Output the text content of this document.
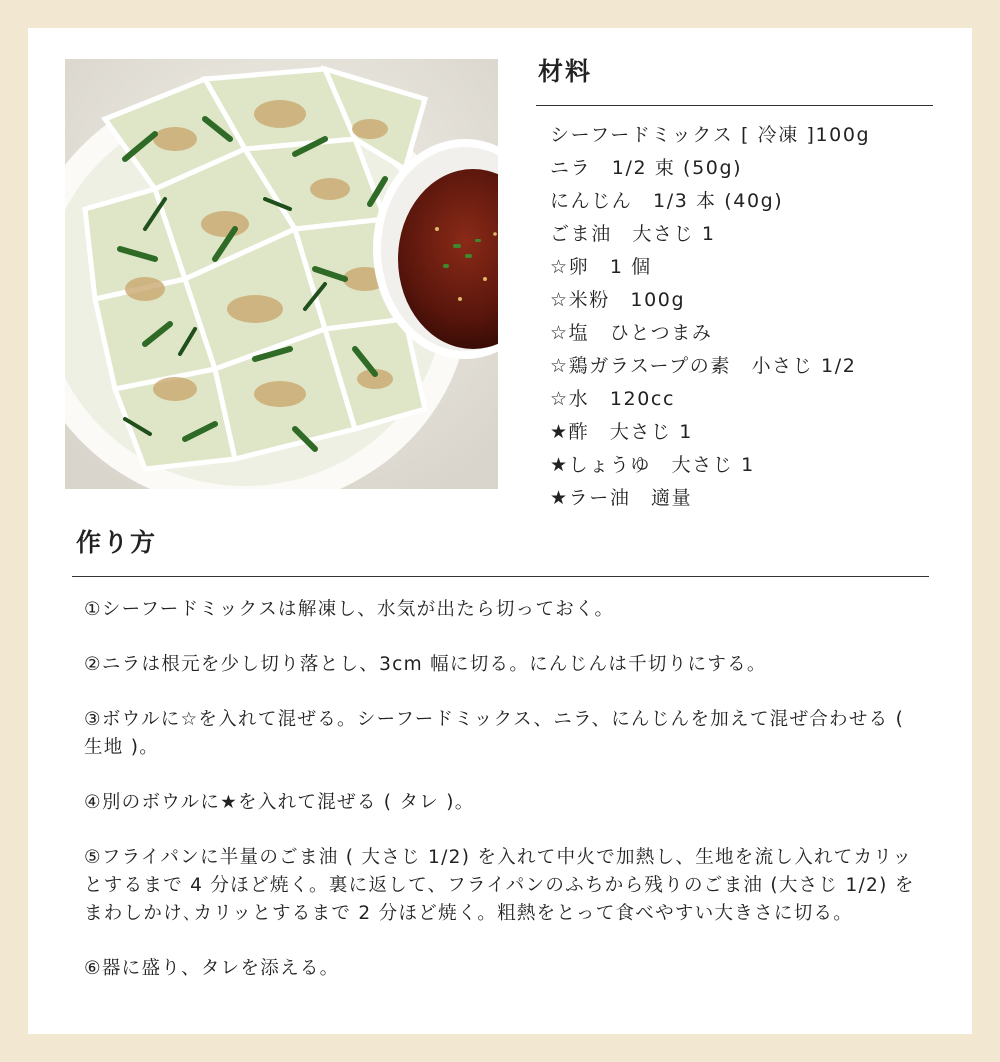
材料
シーフードミックス [ 冷凍 ]100g
ニラ　1/2 束 (50g)
にんじん　1/3 本 (40g)
ごま油　大さじ 1
☆卵　1 個
☆米粉　100g
☆塩　ひとつまみ
☆鶏ガラスープの素　小さじ 1/2
☆水　120cc
★酢　大さじ 1
★しょうゆ　大さじ 1
★ラー油　適量
作り方

①シーフードミックスは解凍し、水気が出たら切っておく。

②ニラは根元を少し切り落とし、3cm 幅に切る。にんじんは千切りにする。

③ボウルに☆を入れて混ぜる。シーフードミックス、ニラ、にんじんを加えて混ぜ合わせる ( 生地 )。

④別のボウルに★を入れて混ぜる ( タレ )。

⑤フライパンに半量のごま油 ( 大さじ 1/2) を入れて中火で加熱し、生地を流し入れてカリッとするまで 4 分ほど焼く。裏に返して、フライパンのふちから残りのごま油 (大さじ 1/2) をまわしかけ､カリッとするまで 2 分ほど焼く。粗熱をとって食べやすい大きさに切る。

⑥器に盛り、タレを添える。
